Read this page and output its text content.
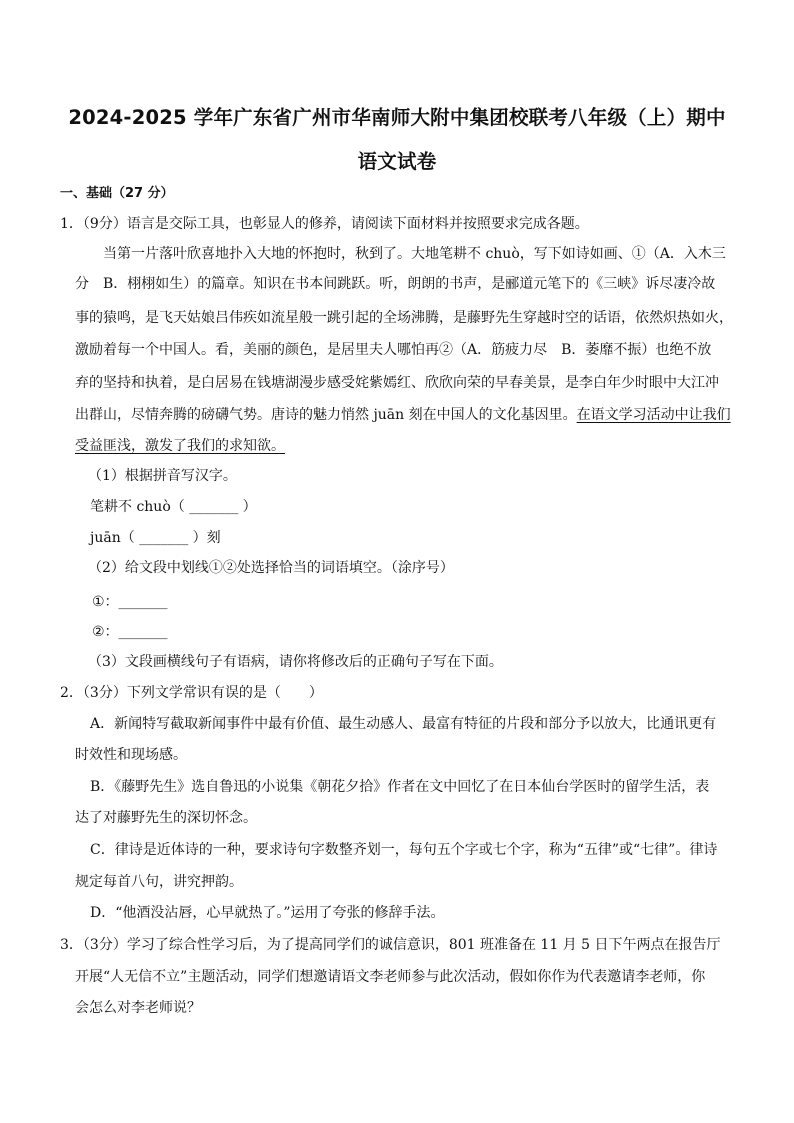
2024-2025 学年广东省广州市华南师大附中集团校联考八年级（上）期中
语文试卷
一、基础（27 分）
1．（9分）语言是交际工具，也彰显人的修养，请阅读下面材料并按照要求完成各题。
当第一片落叶欣喜地扑入大地的怀抱时，秋到了。大地笔耕不 chuò，写下如诗如画、①（A．入木三
分　B．栩栩如生）的篇章。知识在书本间跳跃。听，朗朗的书声，是郦道元笔下的《三峡》诉尽凄冷故
事的猿鸣，是飞天姑娘吕伟疾如流星般一跳引起的全场沸腾，是藤野先生穿越时空的话语，依然炽热如火，
激励着每一个中国人。看，美丽的颜色，是居里夫人哪怕再②（A．筋疲力尽　B．萎靡不振）也绝不放
弃的坚持和执着，是白居易在钱塘湖漫步感受姹紫嫣红、欣欣向荣的早春美景，是李白年少时眼中大江冲
出群山，尽情奔腾的磅礴气势。唐诗的魅力悄然 juān 刻在中国人的文化基因里。在语文学习活动中让我们
受益匪浅，激发了我们的求知欲。
（1）根据拼音写汉字。
笔耕不 chuò（ _______ ）
juān（ _______ ）刻
（2）给文段中划线①②处选择恰当的词语填空。（涂序号）
①：_______
②：_______
（3）文段画横线句子有语病，请你将修改后的正确句子写在下面。
2．（3分）下列文学常识有误的是（　　）
A．新闻特写截取新闻事件中最有价值、最生动感人、最富有特征的片段和部分予以放大，比通讯更有
时效性和现场感。
B．《藤野先生》选自鲁迅的小说集《朝花夕拾》作者在文中回忆了在日本仙台学医时的留学生活，表
达了对藤野先生的深切怀念。
C．律诗是近体诗的一种，要求诗句字数整齐划一，每句五个字或七个字，称为“五律”或“七律”。律诗
规定每首八句，讲究押韵。
D．“他酒没沾唇，心早就热了。”运用了夸张的修辞手法。
3．（3分）学习了综合性学习后，为了提高同学们的诚信意识，801 班准备在 11 月 5 日下午两点在报告厅
开展“人无信不立”主题活动，同学们想邀请语文李老师参与此次活动，假如你作为代表邀请李老师，你
会怎么对李老师说？
